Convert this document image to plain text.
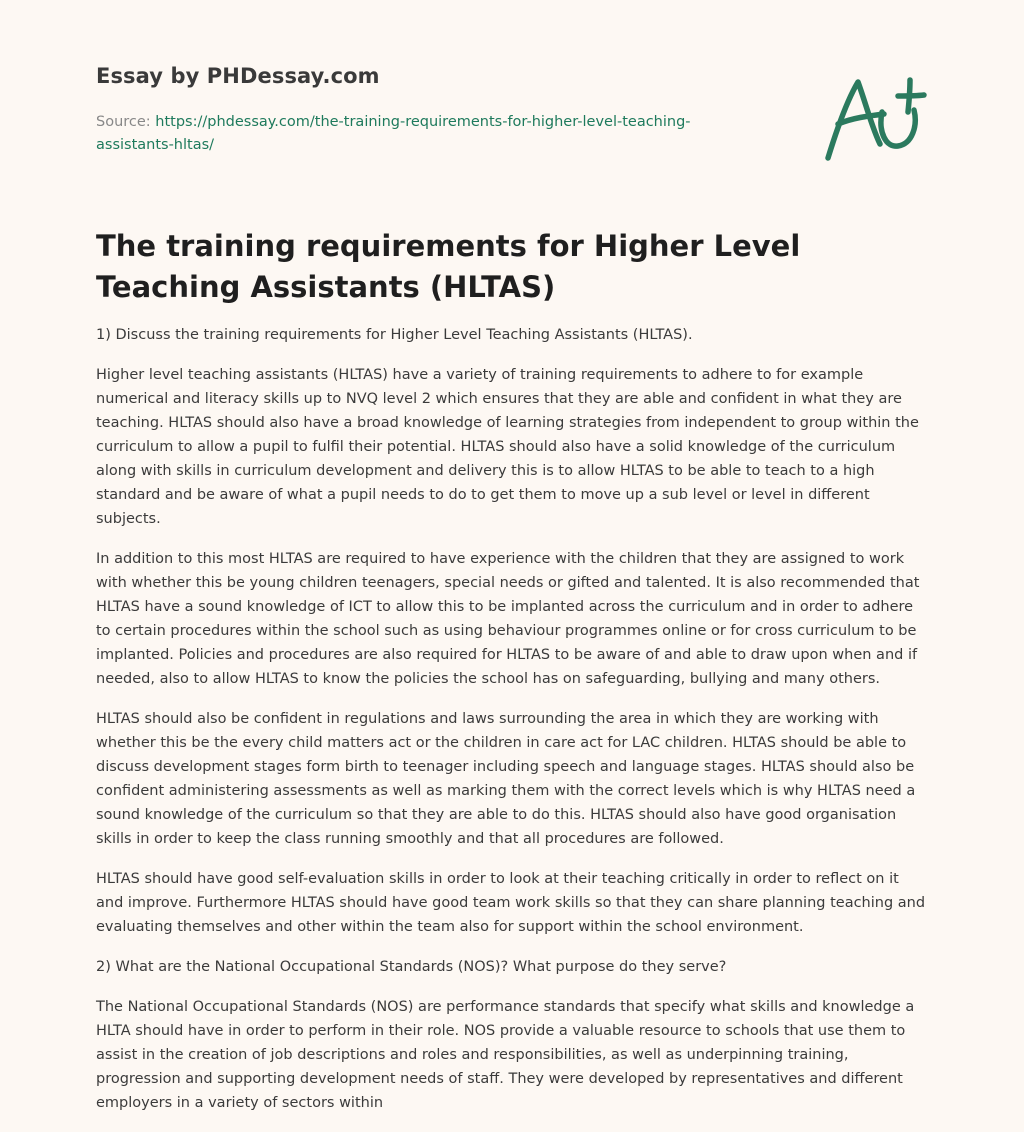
Essay by PHDessay.com
Source: https://phdessay.com/the-training-requirements-for-higher-level-teaching-assistants-hltas/
The training requirements for Higher Level Teaching Assistants (HLTAS)

1) Discuss the training requirements for Higher Level Teaching Assistants (HLTAS).

Higher level teaching assistants (HLTAS) have a variety of training requirements to adhere to for example numerical and literacy skills up to NVQ level 2 which ensures that they are able and confident in what they are teaching. HLTAS should also have a broad knowledge of learning strategies from independent to group within the curriculum to allow a pupil to fulfil their potential. HLTAS should also have a solid knowledge of the curriculum along with skills in curriculum development and delivery this is to allow HLTAS to be able to teach to a high standard and be aware of what a pupil needs to do to get them to move up a sub level or level in different subjects.

In addition to this most HLTAS are required to have experience with the children that they are assigned to work with whether this be young children teenagers, special needs or gifted and talented. It is also recommended that HLTAS have a sound knowledge of ICT to allow this to be implanted across the curriculum and in order to adhere to certain procedures within the school such as using behaviour programmes online or for cross curriculum to be implanted. Policies and procedures are also required for HLTAS to be aware of and able to draw upon when and if needed, also to allow HLTAS to know the policies the school has on safeguarding, bullying and many others.

HLTAS should also be confident in regulations and laws surrounding the area in which they are working with whether this be the every child matters act or the children in care act for LAC children. HLTAS should be able to discuss development stages form birth to teenager including speech and language stages. HLTAS should also be confident administering assessments as well as marking them with the correct levels which is why HLTAS need a sound knowledge of the curriculum so that they are able to do this. HLTAS should also have good organisation skills in order to keep the class running smoothly and that all procedures are followed.

HLTAS should have good self-evaluation skills in order to look at their teaching critically in order to reflect on it and improve. Furthermore HLTAS should have good team work skills so that they can share planning teaching and evaluating themselves and other within the team also for support within the school environment.

2) What are the National Occupational Standards (NOS)? What purpose do they serve?

The National Occupational Standards (NOS) are performance standards that specify what skills and knowledge a HLTA should have in order to perform in their role. NOS provide a valuable resource to schools that use them to assist in the creation of job descriptions and roles and responsibilities, as well as underpinning training, progression and supporting development needs of staff. They were developed by representatives and different employers in a variety of sectors within
